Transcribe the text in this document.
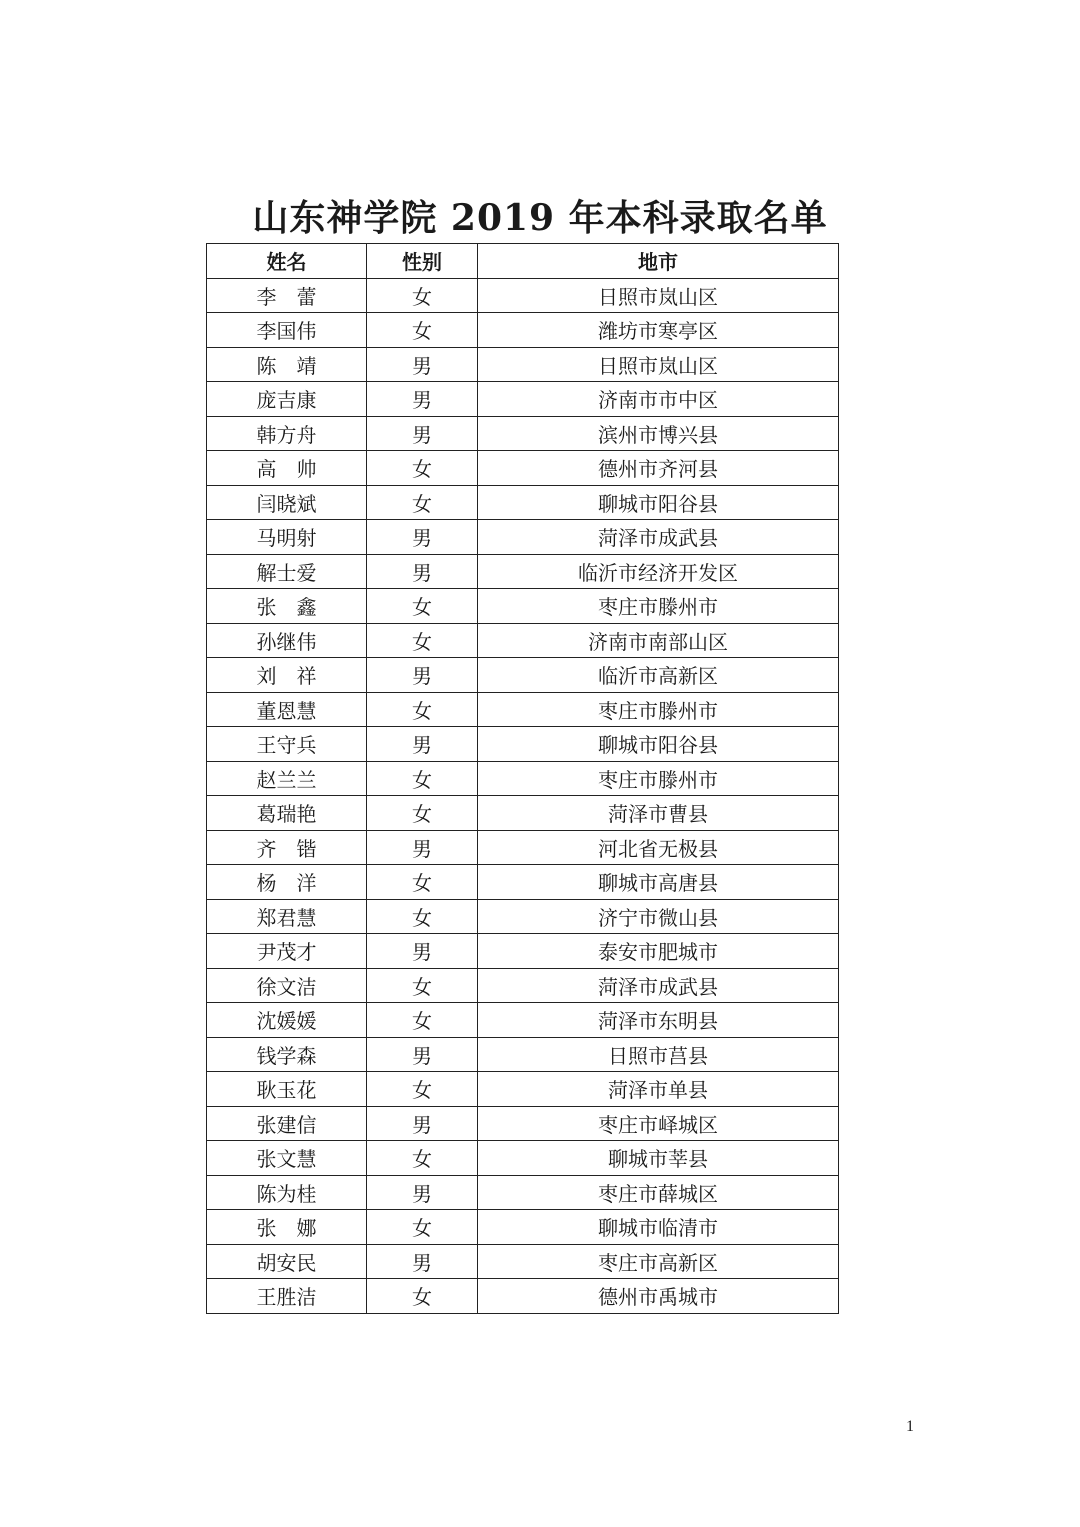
山东神学院 2019 年本科录取名单
姓名	性别	地市
李　蕾	女	日照市岚山区
李国伟	女	潍坊市寒亭区
陈　靖	男	日照市岚山区
庞吉康	男	济南市市中区
韩方舟	男	滨州市博兴县
高　帅	女	德州市齐河县
闫晓斌	女	聊城市阳谷县
马明射	男	菏泽市成武县
解士爱	男	临沂市经济开发区
张　鑫	女	枣庄市滕州市
孙继伟	女	济南市南部山区
刘　祥	男	临沂市高新区
董恩慧	女	枣庄市滕州市
王守兵	男	聊城市阳谷县
赵兰兰	女	枣庄市滕州市
葛瑞艳	女	菏泽市曹县
齐　锴	男	河北省无极县
杨　洋	女	聊城市高唐县
郑君慧	女	济宁市微山县
尹茂才	男	泰安市肥城市
徐文洁	女	菏泽市成武县
沈媛媛	女	菏泽市东明县
钱学森	男	日照市莒县
耿玉花	女	菏泽市单县
张建信	男	枣庄市峄城区
张文慧	女	聊城市莘县
陈为桂	男	枣庄市薛城区
张　娜	女	聊城市临清市
胡安民	男	枣庄市高新区
王胜洁	女	德州市禹城市
1
